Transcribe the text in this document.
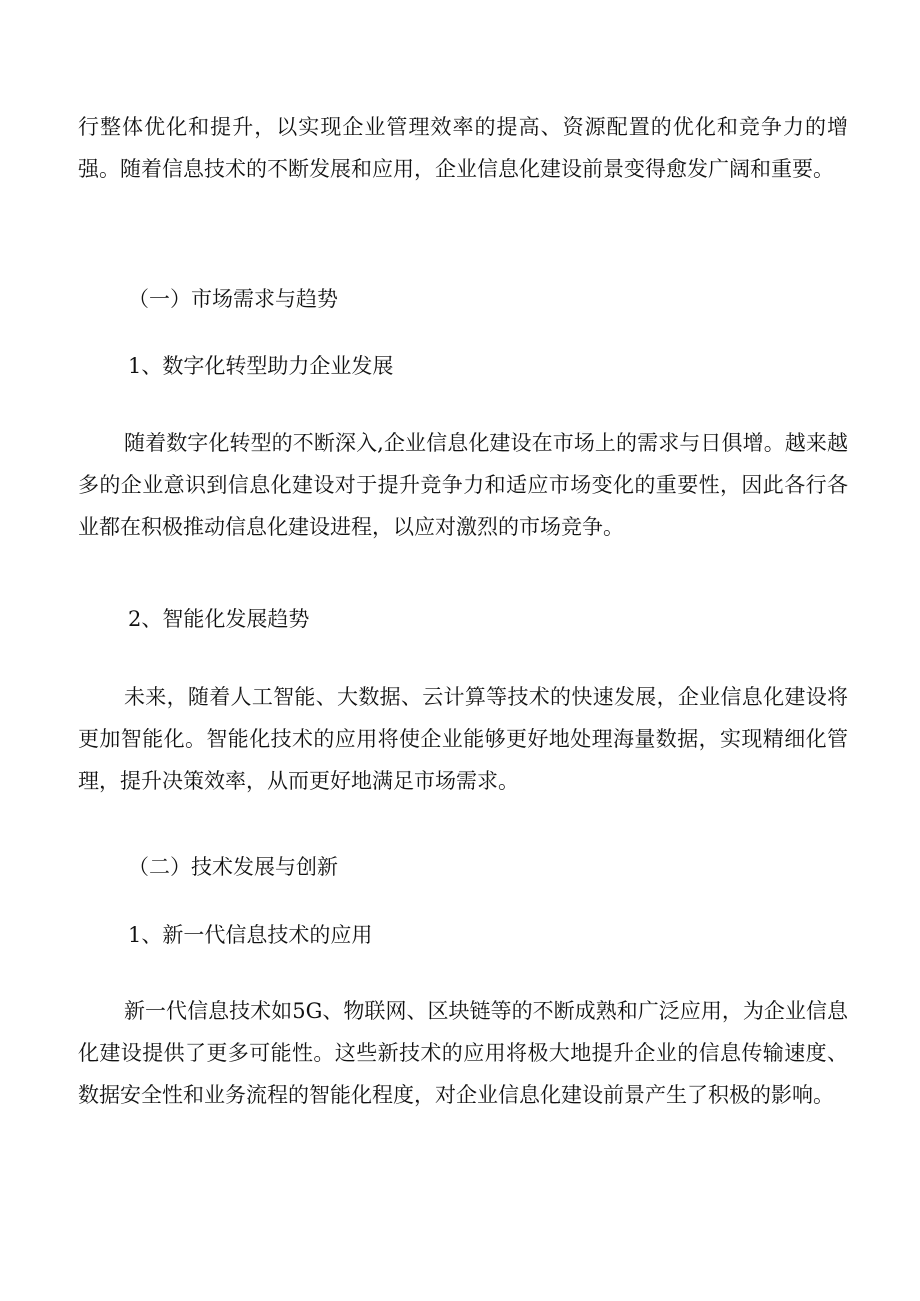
行整体优化和提升，以实现企业管理效率的提高、资源配置的优化和竞争力的增强。随着信息技术的不断发展和应用，企业信息化建设前景变得愈发广阔和重要。

（一）市场需求与趋势
1、数字化转型助力企业发展

随着数字化转型的不断深入,企业信息化建设在市场上的需求与日俱增。越来越多的企业意识到信息化建设对于提升竞争力和适应市场变化的重要性，因此各行各业都在积极推动信息化建设进程，以应对激烈的市场竞争。

2、智能化发展趋势

未来，随着人工智能、大数据、云计算等技术的快速发展，企业信息化建设将更加智能化。智能化技术的应用将使企业能够更好地处理海量数据，实现精细化管理，提升决策效率，从而更好地满足市场需求。

（二）技术发展与创新
1、新一代信息技术的应用

新一代信息技术如5G、物联网、区块链等的不断成熟和广泛应用，为企业信息化建设提供了更多可能性。这些新技术的应用将极大地提升企业的信息传输速度、数据安全性和业务流程的智能化程度，对企业信息化建设前景产生了积极的影响。
